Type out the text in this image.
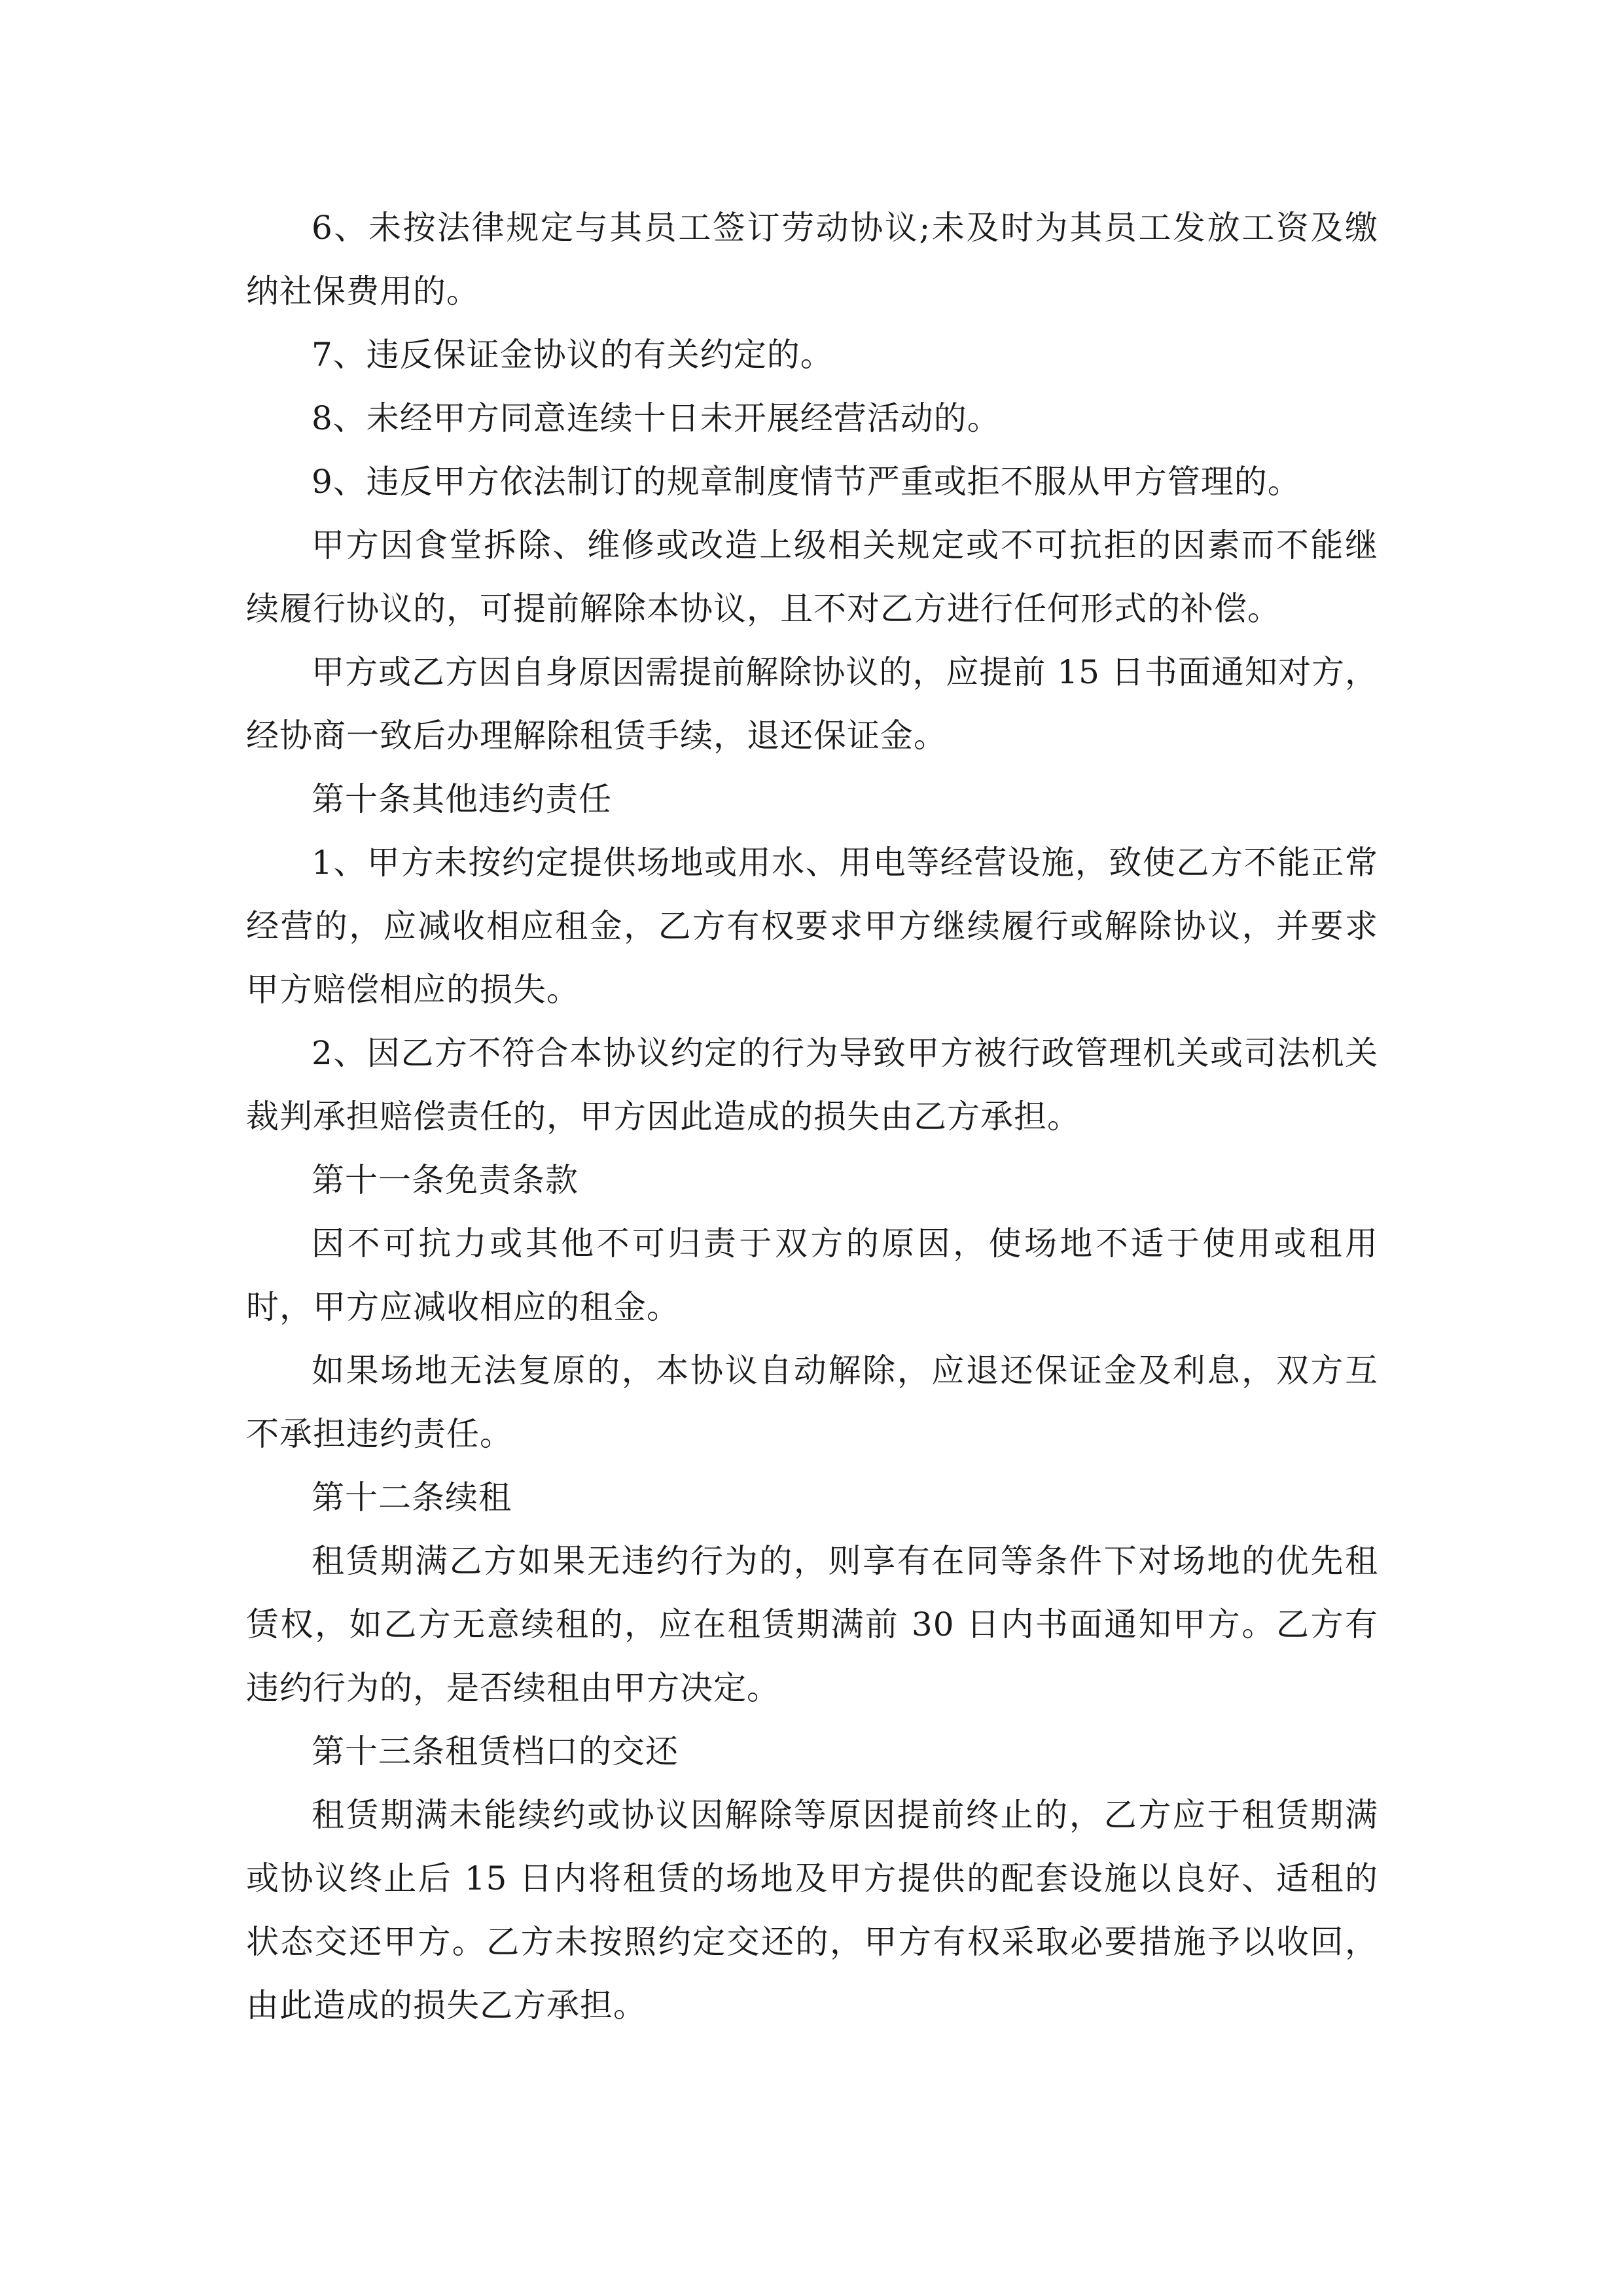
6、未按法律规定与其员工签订劳动协议;未及时为其员工发放工资及缴纳社保费用的。

7、违反保证金协议的有关约定的。

8、未经甲方同意连续十日未开展经营活动的。

9、违反甲方依法制订的规章制度情节严重或拒不服从甲方管理的。

甲方因食堂拆除、维修或改造上级相关规定或不可抗拒的因素而不能继续履行协议的，可提前解除本协议，且不对乙方进行任何形式的补偿。

甲方或乙方因自身原因需提前解除协议的，应提前 15 日书面通知对方，经协商一致后办理解除租赁手续，退还保证金。

第十条其他违约责任

1、甲方未按约定提供场地或用水、用电等经营设施，致使乙方不能正常经营的，应减收相应租金，乙方有权要求甲方继续履行或解除协议，并要求甲方赔偿相应的损失。

2、因乙方不符合本协议约定的行为导致甲方被行政管理机关或司法机关裁判承担赔偿责任的，甲方因此造成的损失由乙方承担。

第十一条免责条款

因不可抗力或其他不可归责于双方的原因，使场地不适于使用或租用时，甲方应减收相应的租金。

如果场地无法复原的，本协议自动解除，应退还保证金及利息，双方互不承担违约责任。

第十二条续租

租赁期满乙方如果无违约行为的，则享有在同等条件下对场地的优先租赁权，如乙方无意续租的，应在租赁期满前 30 日内书面通知甲方。乙方有违约行为的，是否续租由甲方决定。

第十三条租赁档口的交还

租赁期满未能续约或协议因解除等原因提前终止的，乙方应于租赁期满或协议终止后 15 日内将租赁的场地及甲方提供的配套设施以良好、适租的状态交还甲方。乙方未按照约定交还的，甲方有权采取必要措施予以收回，由此造成的损失乙方承担。
